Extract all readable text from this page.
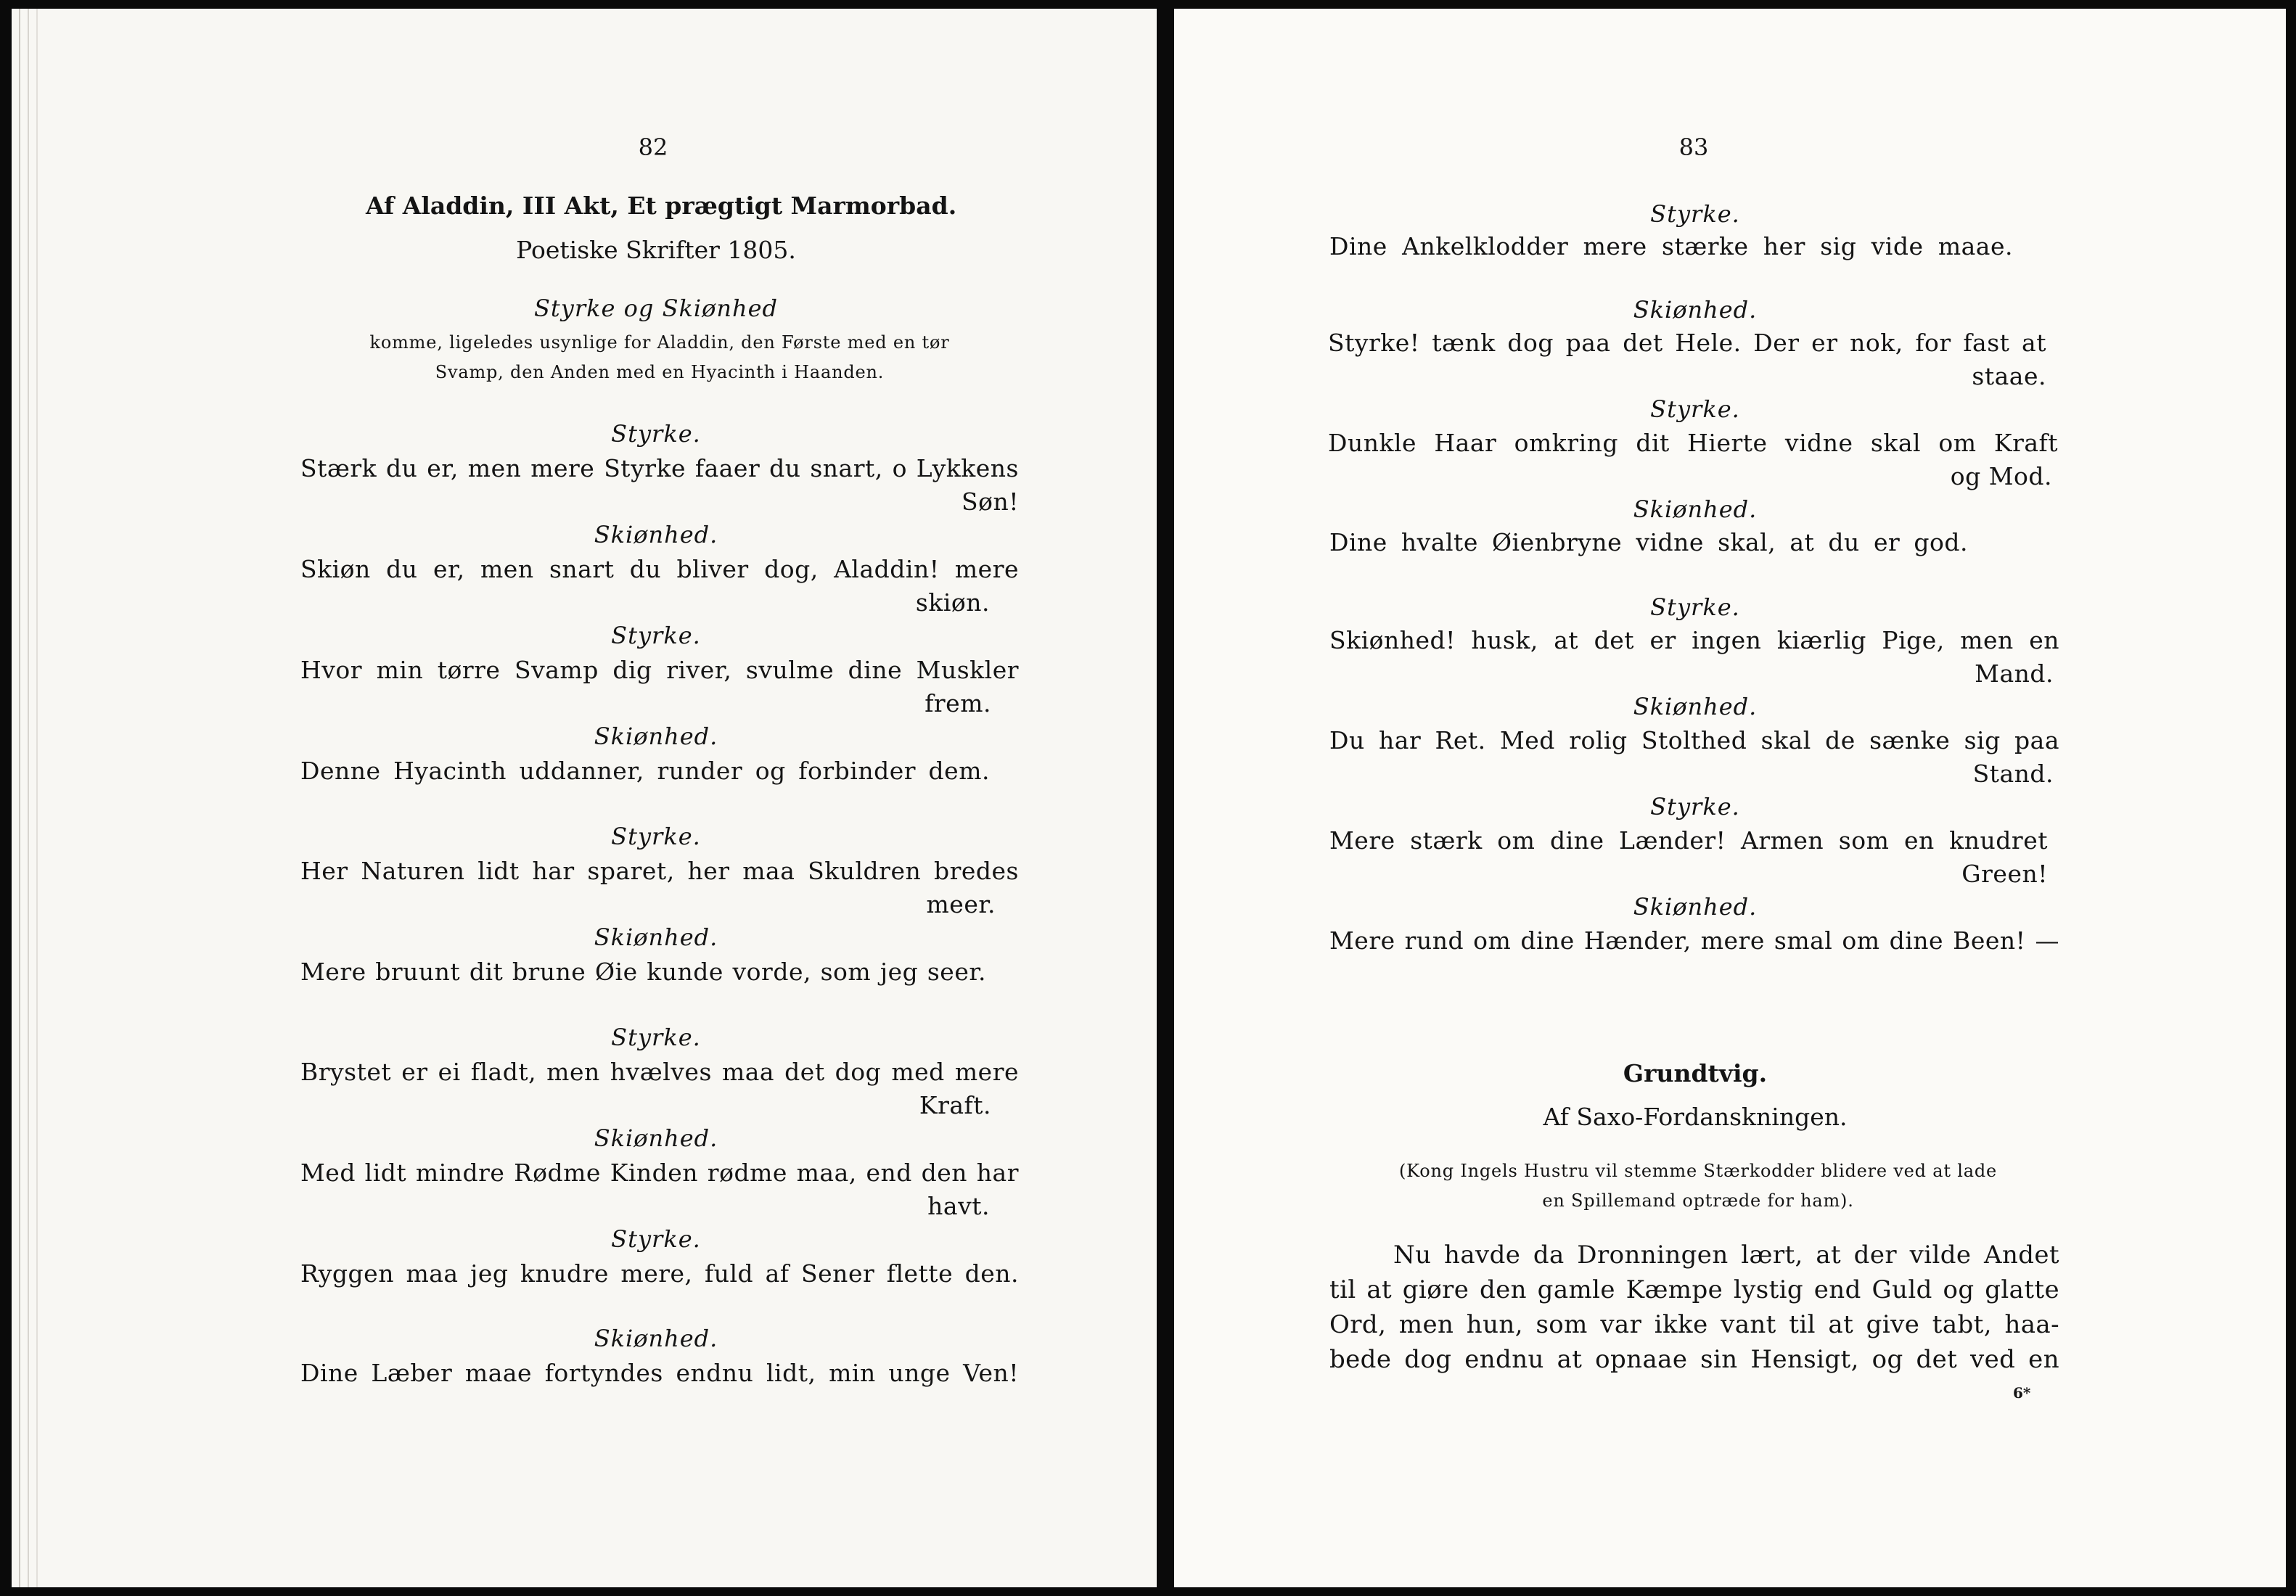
82
Af Aladdin, III Akt, Et prægtigt Marmorbad.
Poetiske Skrifter 1805.
Styrke og Skiønhed
komme, ligeledes usynlige for Aladdin, den Første med en tør
Svamp, den Anden med en Hyacinth i Haanden.
Styrke.
Stærk du er, men mere Styrke faaer du snart, o Lykkens
Søn!
Skiønhed.
Skiøn du er, men snart du bliver dog, Aladdin! mere
skiøn.
Styrke.
Hvor min tørre Svamp dig river, svulme dine Muskler
frem.
Skiønhed.
Denne Hyacinth uddanner, runder og forbinder dem.
Styrke.
Her Naturen lidt har sparet, her maa Skuldren bredes
meer.
Skiønhed.
Mere bruunt dit brune Øie kunde vorde, som jeg seer.
Styrke.
Brystet er ei fladt, men hvælves maa det dog med mere
Kraft.
Skiønhed.
Med lidt mindre Rødme Kinden rødme maa, end den har
havt.
Styrke.
Ryggen maa jeg knudre mere, fuld af Sener flette den.
Skiønhed.
Dine Læber maae fortyndes endnu lidt, min unge Ven!
83
Styrke.
Dine Ankelklodder mere stærke her sig vide maae.
Skiønhed.
Styrke! tænk dog paa det Hele. Der er nok, for fast at
staae.
Styrke.
Dunkle Haar omkring dit Hierte vidne skal om Kraft
og Mod.
Skiønhed.
Dine hvalte Øienbryne vidne skal, at du er god.
Styrke.
Skiønhed! husk, at det er ingen kiærlig Pige, men en
Mand.
Skiønhed.
Du har Ret. Med rolig Stolthed skal de sænke sig paa
Stand.
Styrke.
Mere stærk om dine Lænder! Armen som en knudret
Green!
Skiønhed.
Mere rund om dine Hænder, mere smal om dine Been! —
Grundtvig.
Af Saxo-Fordanskningen.
(Kong Ingels Hustru vil stemme Stærkodder blidere ved at lade
en Spillemand optræde for ham).
Nu havde da Dronningen lært, at der vilde Andet
til at giøre den gamle Kæmpe lystig end Guld og glatte
Ord, men hun, som var ikke vant til at give tabt, haa-
bede dog endnu at opnaae sin Hensigt, og det ved en
6*
